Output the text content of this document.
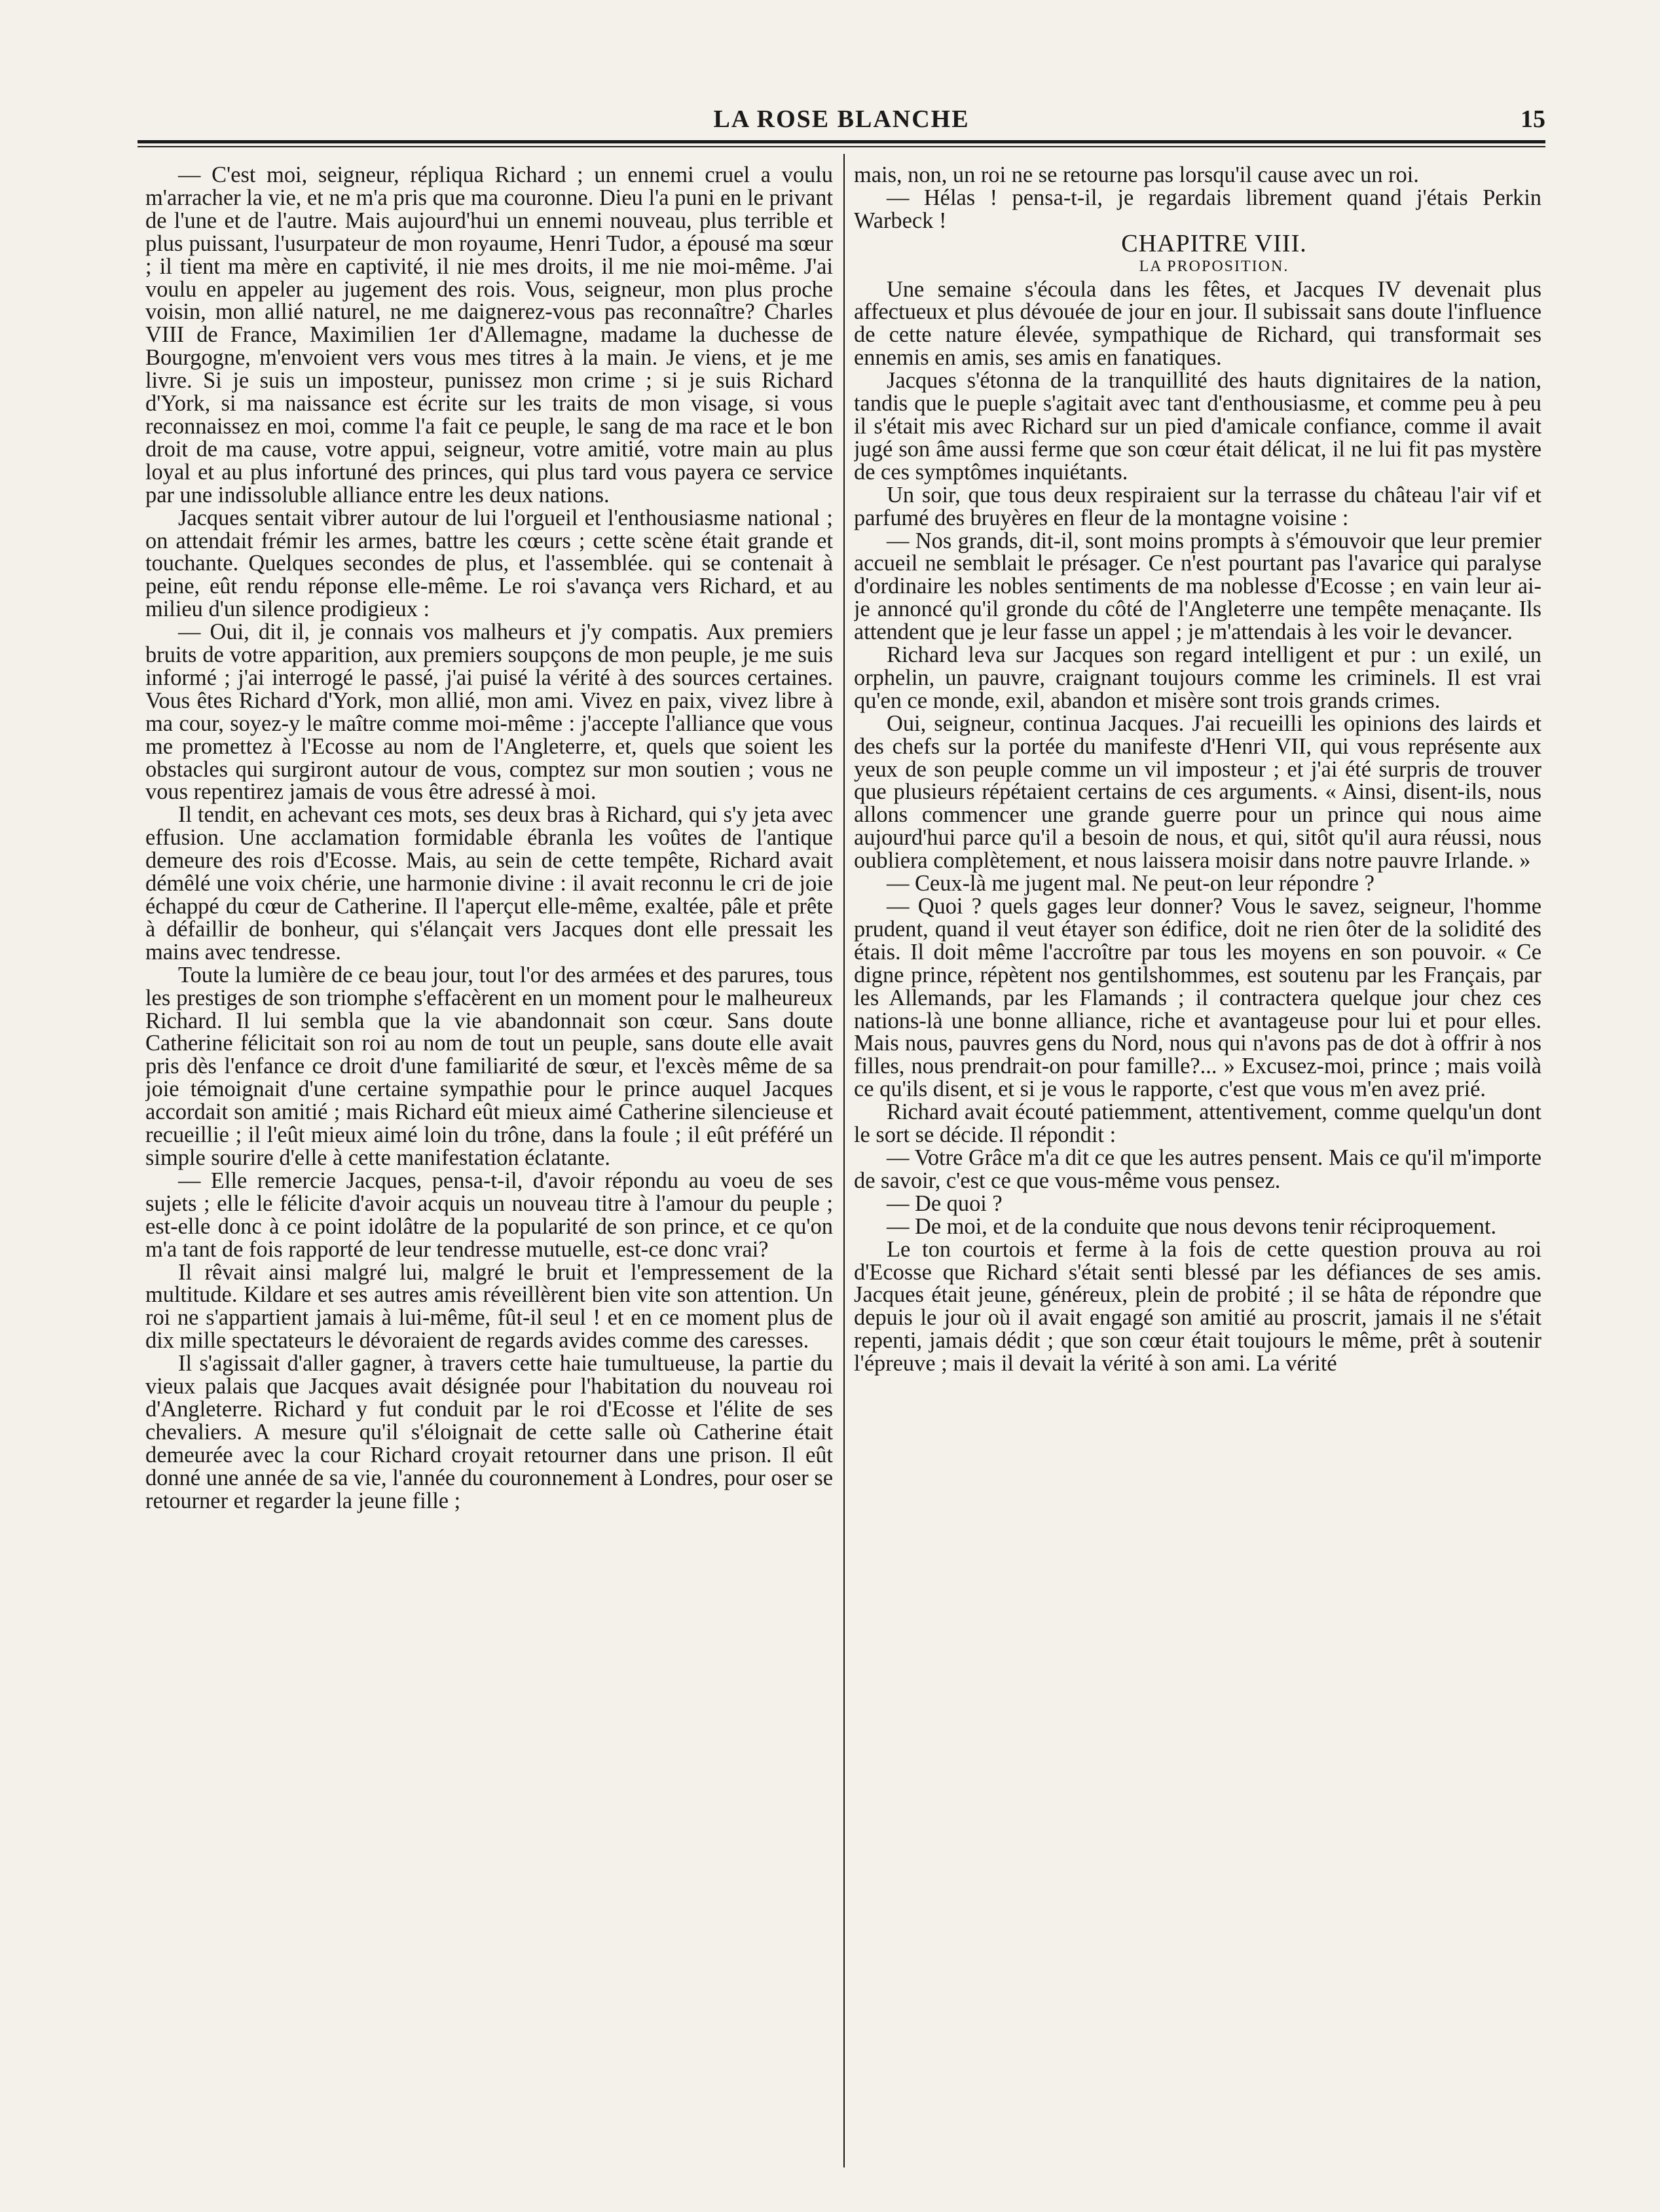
LA ROSE BLANCHE	15

— C'est moi, seigneur, répliqua Richard ; un ennemi cruel a voulu m'arracher la vie, et ne m'a pris que ma couronne. Dieu l'a puni en le privant de l'une et de l'autre. Mais aujourd'hui un ennemi nouveau, plus terrible et plus puissant, l'usurpateur de mon royaume, Henri Tudor, a épousé ma sœur ; il tient ma mère en captivité, il nie mes droits, il me nie moi-même. J'ai voulu en appeler au jugement des rois. Vous, seigneur, mon plus proche voisin, mon allié naturel, ne me daignerez-vous pas reconnaître? Charles VIII de France, Maximilien 1er d'Allemagne, madame la duchesse de Bourgogne, m'envoient vers vous mes titres à la main. Je viens, et je me livre. Si je suis un imposteur, punissez mon crime ; si je suis Richard d'York, si ma naissance est écrite sur les traits de mon visage, si vous reconnaissez en moi, comme l'a fait ce peuple, le sang de ma race et le bon droit de ma cause, votre appui, seigneur, votre amitié, votre main au plus loyal et au plus infortuné des princes, qui plus tard vous payera ce service par une indissoluble alliance entre les deux nations.

Jacques sentait vibrer autour de lui l'orgueil et l'enthousiasme national ; on attendait frémir les armes, battre les cœurs ; cette scène était grande et touchante. Quelques secondes de plus, et l'assemblée. qui se contenait à peine, eût rendu réponse elle-même. Le roi s'avança vers Richard, et au milieu d'un silence prodigieux :

— Oui, dit il, je connais vos malheurs et j'y compatis. Aux premiers bruits de votre apparition, aux premiers soupçons de mon peuple, je me suis informé ; j'ai interrogé le passé, j'ai puisé la vérité à des sources certaines. Vous êtes Richard d'York, mon allié, mon ami. Vivez en paix, vivez libre à ma cour, soyez-y le maître comme moi-même : j'accepte l'alliance que vous me promettez à l'Ecosse au nom de l'Angleterre, et, quels que soient les obstacles qui surgiront autour de vous, comptez sur mon soutien ; vous ne vous repentirez jamais de vous être adressé à moi.

Il tendit, en achevant ces mots, ses deux bras à Richard, qui s'y jeta avec effusion. Une acclamation formidable ébranla les voûtes de l'antique demeure des rois d'Ecosse. Mais, au sein de cette tempête, Richard avait démêlé une voix chérie, une harmonie divine : il avait reconnu le cri de joie échappé du cœur de Catherine. Il l'aperçut elle-même, exaltée, pâle et prête à défaillir de bonheur, qui s'élançait vers Jacques dont elle pressait les mains avec tendresse.

Toute la lumière de ce beau jour, tout l'or des armées et des parures, tous les prestiges de son triomphe s'effacèrent en un moment pour le malheureux Richard. Il lui sembla que la vie abandonnait son cœur. Sans doute Catherine félicitait son roi au nom de tout un peuple, sans doute elle avait pris dès l'enfance ce droit d'une familiarité de sœur, et l'excès même de sa joie témoignait d'une certaine sympathie pour le prince auquel Jacques accordait son amitié ; mais Richard eût mieux aimé Catherine silencieuse et recueillie ; il l'eût mieux aimé loin du trône, dans la foule ; il eût préféré un simple sourire d'elle à cette manifestation éclatante.

— Elle remercie Jacques, pensa-t-il, d'avoir répondu au voeu de ses sujets ; elle le félicite d'avoir acquis un nouveau titre à l'amour du peuple ; est-elle donc à ce point idolâtre de la popularité de son prince, et ce qu'on m'a tant de fois rapporté de leur tendresse mutuelle, est-ce donc vrai?

Il rêvait ainsi malgré lui, malgré le bruit et l'empressement de la multitude. Kildare et ses autres amis réveillèrent bien vite son attention. Un roi ne s'appartient jamais à lui-même, fût-il seul ! et en ce moment plus de dix mille spectateurs le dévoraient de regards avides comme des caresses.

Il s'agissait d'aller gagner, à travers cette haie tumultueuse, la partie du vieux palais que Jacques avait désignée pour l'habitation du nouveau roi d'Angleterre. Richard y fut conduit par le roi d'Ecosse et l'élite de ses chevaliers. A mesure qu'il s'éloignait de cette salle où Catherine était demeurée avec la cour Richard croyait retourner dans une prison. Il eût donné une année de sa vie, l'année du couronnement à Londres, pour oser se retourner et regarder la jeune fille ;

mais, non, un roi ne se retourne pas lorsqu'il cause avec un roi.

— Hélas ! pensa-t-il, je regardais librement quand j'étais Perkin Warbeck !

CHAPITRE VIII.

LA PROPOSITION.

Une semaine s'écoula dans les fêtes, et Jacques IV devenait plus affectueux et plus dévouée de jour en jour. Il subissait sans doute l'influence de cette nature élevée, sympathique de Richard, qui transformait ses ennemis en amis, ses amis en fanatiques.

Jacques s'étonna de la tranquillité des hauts dignitaires de la nation, tandis que le pueple s'agitait avec tant d'enthousiasme, et comme peu à peu il s'était mis avec Richard sur un pied d'amicale confiance, comme il avait jugé son âme aussi ferme que son cœur était délicat, il ne lui fit pas mystère de ces symptômes inquiétants.

Un soir, que tous deux respiraient sur la terrasse du château l'air vif et parfumé des bruyères en fleur de la montagne voisine :

— Nos grands, dit-il, sont moins prompts à s'émouvoir que leur premier accueil ne semblait le présager. Ce n'est pourtant pas l'avarice qui paralyse d'ordinaire les nobles sentiments de ma noblesse d'Ecosse ; en vain leur ai-je annoncé qu'il gronde du côté de l'Angleterre une tempête menaçante. Ils attendent que je leur fasse un appel ; je m'attendais à les voir le devancer.

Richard leva sur Jacques son regard intelligent et pur : un exilé, un orphelin, un pauvre, craignant toujours comme les criminels. Il est vrai qu'en ce monde, exil, abandon et misère sont trois grands crimes.

Oui, seigneur, continua Jacques. J'ai recueilli les opinions des lairds et des chefs sur la portée du manifeste d'Henri VII, qui vous représente aux yeux de son peuple comme un vil imposteur ; et j'ai été surpris de trouver que plusieurs répétaient certains de ces arguments. « Ainsi, disent-ils, nous allons commencer une grande guerre pour un prince qui nous aime aujourd'hui parce qu'il a besoin de nous, et qui, sitôt qu'il aura réussi, nous oubliera complètement, et nous laissera moisir dans notre pauvre Irlande. »

— Ceux-là me jugent mal. Ne peut-on leur répondre ?

— Quoi ? quels gages leur donner? Vous le savez, seigneur, l'homme prudent, quand il veut étayer son édifice, doit ne rien ôter de la solidité des étais. Il doit même l'accroître par tous les moyens en son pouvoir. « Ce digne prince, répètent nos gentilshommes, est soutenu par les Français, par les Allemands, par les Flamands ; il contractera quelque jour chez ces nations-là une bonne alliance, riche et avantageuse pour lui et pour elles. Mais nous, pauvres gens du Nord, nous qui n'avons pas de dot à offrir à nos filles, nous prendrait-on pour famille?... » Excusez-moi, prince ; mais voilà ce qu'ils disent, et si je vous le rapporte, c'est que vous m'en avez prié.

Richard avait écouté patiemment, attentivement, comme quelqu'un dont le sort se décide. Il répondit :

— Votre Grâce m'a dit ce que les autres pensent. Mais ce qu'il m'importe de savoir, c'est ce que vous-même vous pensez.

— De quoi ?

— De moi, et de la conduite que nous devons tenir réciproquement.

Le ton courtois et ferme à la fois de cette question prouva au roi d'Ecosse que Richard s'était senti blessé par les défiances de ses amis. Jacques était jeune, généreux, plein de probité ; il se hâta de répondre que depuis le jour où il avait engagé son amitié au proscrit, jamais il ne s'était repenti, jamais dédit ; que son cœur était toujours le même, prêt à soutenir l'épreuve ; mais il devait la vérité à son ami. La vérité
